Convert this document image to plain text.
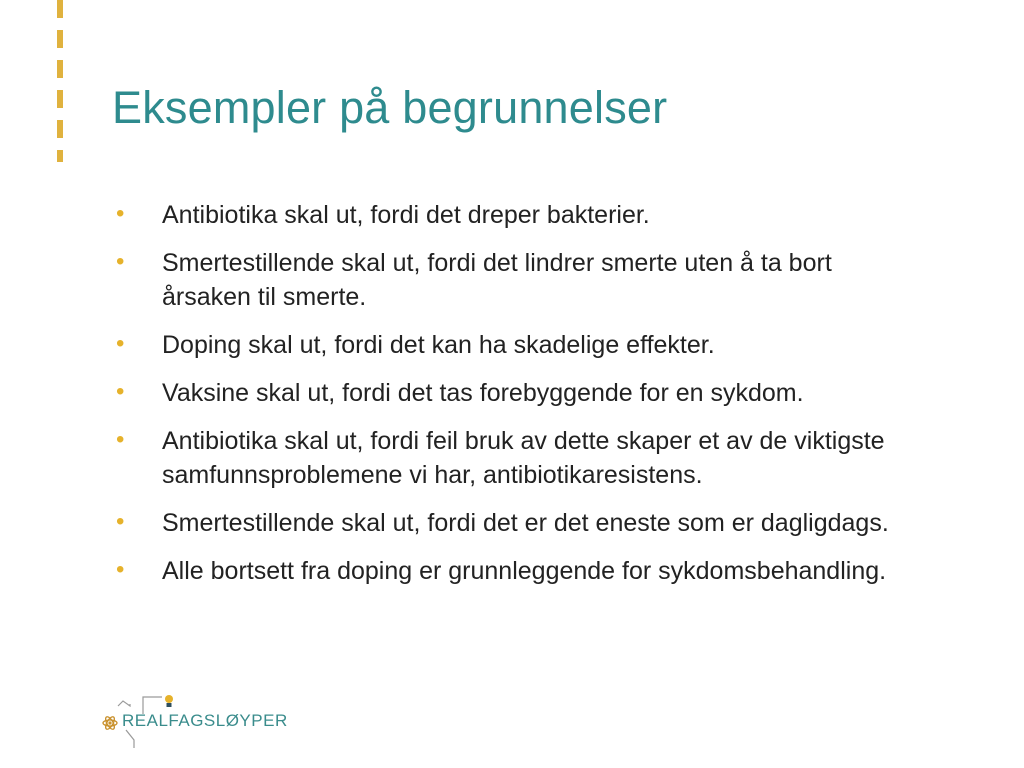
Eksempler på begrunnelser
• Antibiotika skal ut, fordi det dreper bakterier.
• Smertestillende skal ut, fordi det lindrer smerte uten å ta bort årsaken til smerte.
• Doping skal ut, fordi det kan ha skadelige effekter.
• Vaksine skal ut, fordi det tas forebyggende for en sykdom.
• Antibiotika skal ut, fordi feil bruk av dette skaper et av de viktigste samfunnsproblemene vi har, antibiotikaresistens.
• Smertestillende skal ut, fordi det er det eneste som er dagligdags.
• Alle bortsett fra doping er grunnleggende for sykdomsbehandling.
REALFAGSLØYPER
